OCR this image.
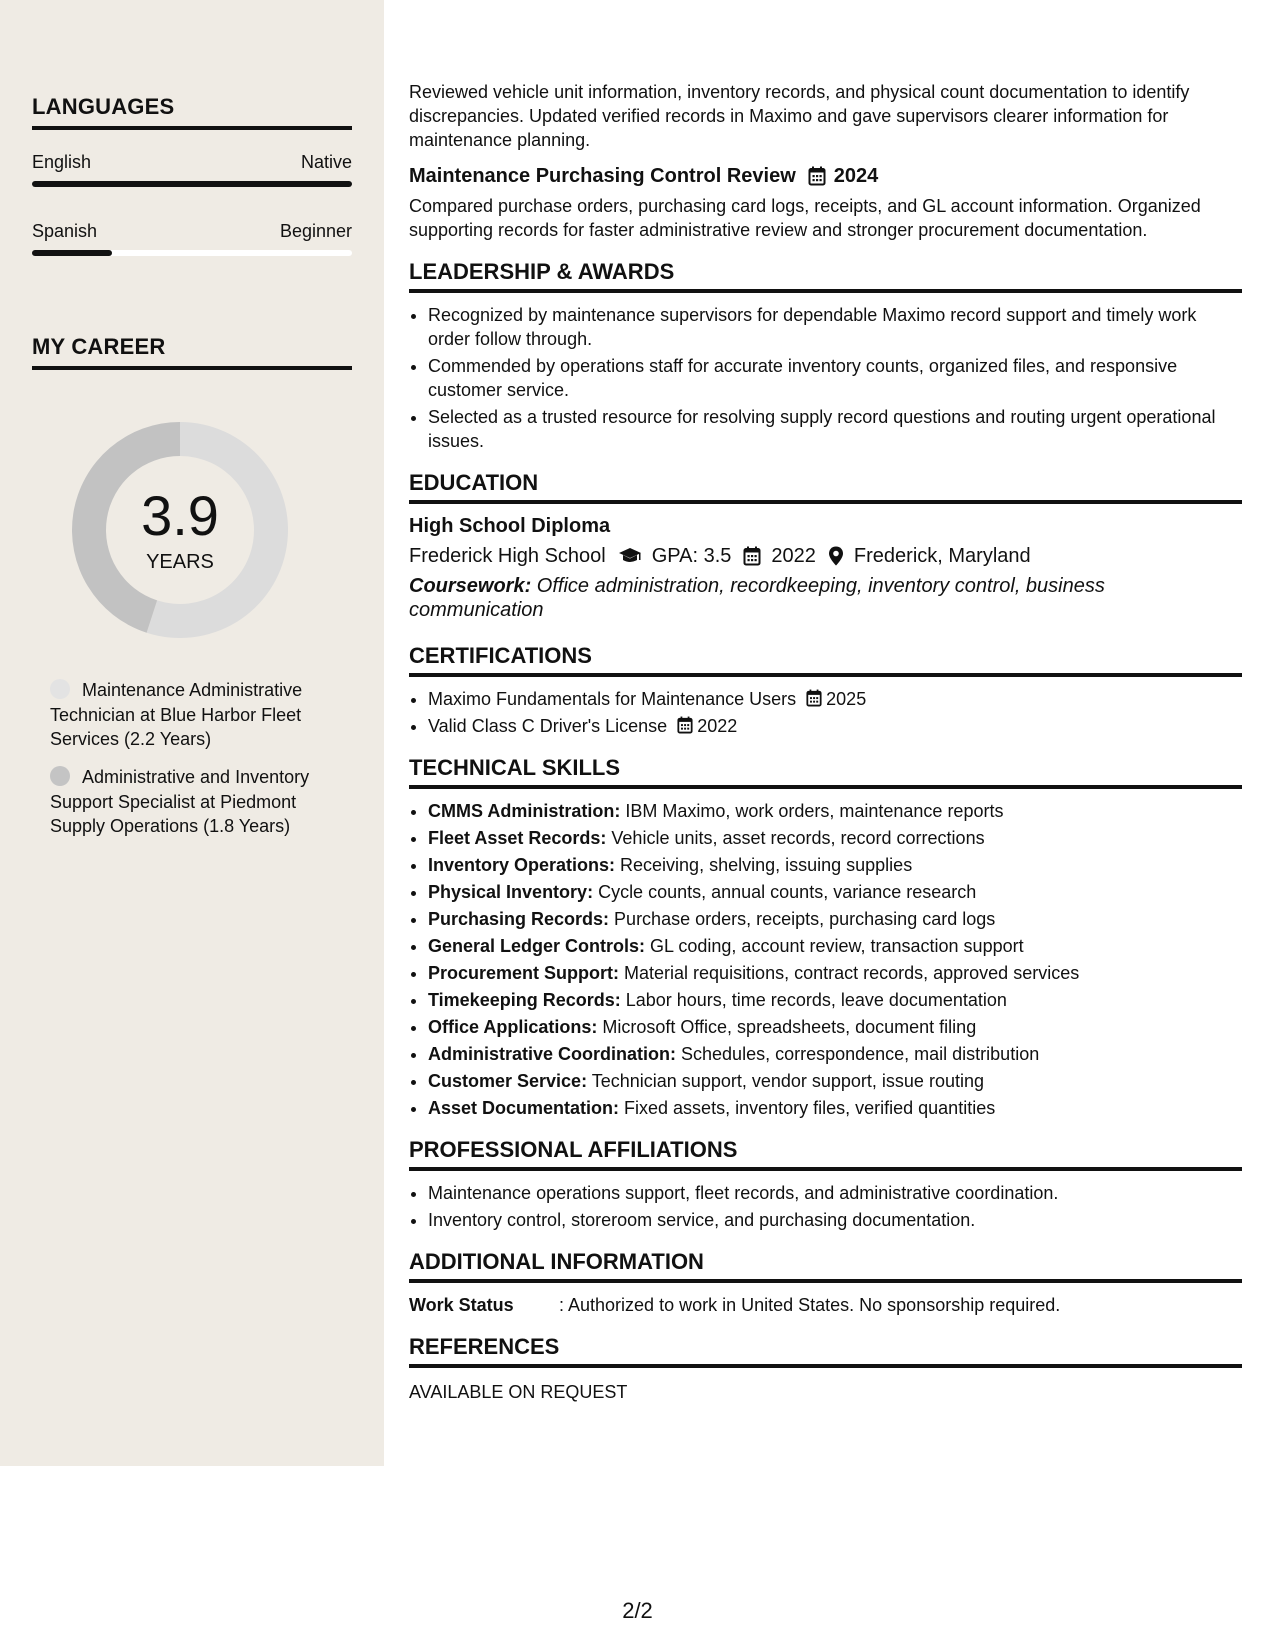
LANGUAGES
English	Native
Spanish	Beginner
MY CAREER
3.9
YEARS
Maintenance Administrative Technician at Blue Harbor Fleet Services (2.2 Years)
Administrative and Inventory Support Specialist at Piedmont Supply Operations (1.8 Years)

Reviewed vehicle unit information, inventory records, and physical count documentation to identify discrepancies. Updated verified records in Maximo and gave supervisors clearer information for maintenance planning.

Maintenance Purchasing Control Review 2024

Compared purchase orders, purchasing card logs, receipts, and GL account information. Organized supporting records for faster administrative review and stronger procurement documentation.

LEADERSHIP & AWARDS
• Recognized by maintenance supervisors for dependable Maximo record support and timely work order follow through.
• Commended by operations staff for accurate inventory counts, organized files, and responsive customer service.
• Selected as a trusted resource for resolving supply record questions and routing urgent operational issues.
EDUCATION
High School Diploma
Frederick High School GPA: 3.5 2022 Frederick, Maryland
Coursework: Office administration, recordkeeping, inventory control, business communication
CERTIFICATIONS
• Maximo Fundamentals for Maintenance Users 2025
• Valid Class C Driver's License 2022
TECHNICAL SKILLS
• CMMS Administration: IBM Maximo, work orders, maintenance reports
• Fleet Asset Records: Vehicle units, asset records, record corrections
• Inventory Operations: Receiving, shelving, issuing supplies
• Physical Inventory: Cycle counts, annual counts, variance research
• Purchasing Records: Purchase orders, receipts, purchasing card logs
• General Ledger Controls: GL coding, account review, transaction support
• Procurement Support: Material requisitions, contract records, approved services
• Timekeeping Records: Labor hours, time records, leave documentation
• Office Applications: Microsoft Office, spreadsheets, document filing
• Administrative Coordination: Schedules, correspondence, mail distribution
• Customer Service: Technician support, vendor support, issue routing
• Asset Documentation: Fixed assets, inventory files, verified quantities
PROFESSIONAL AFFILIATIONS
• Maintenance operations support, fleet records, and administrative coordination.
• Inventory control, storeroom service, and purchasing documentation.
ADDITIONAL INFORMATION
Work Status	: Authorized to work in United States. No sponsorship required.
REFERENCES

AVAILABLE ON REQUEST

2/2
